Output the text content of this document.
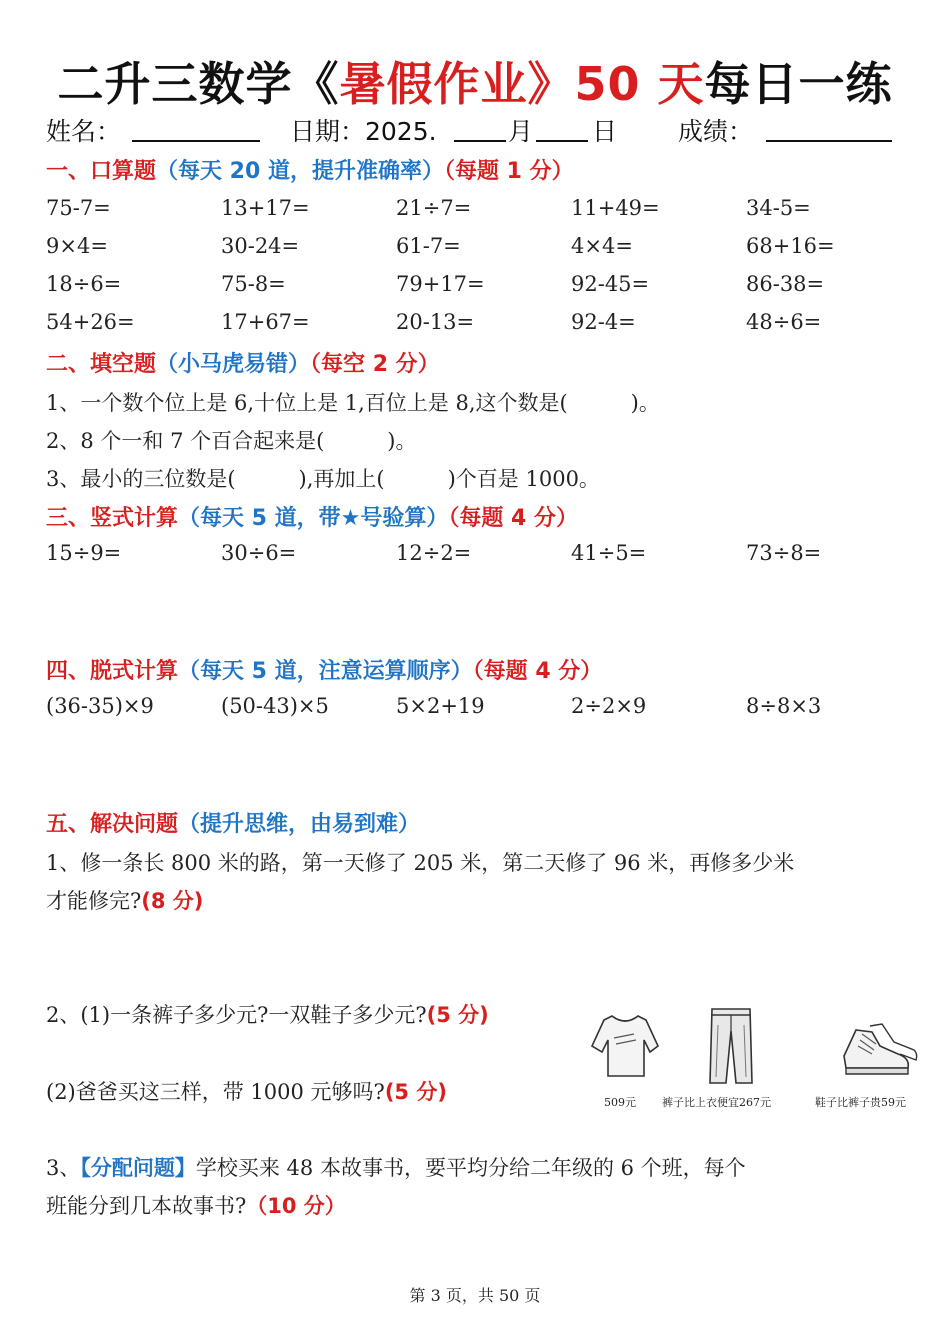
二升三数学《暑假作业》50 天每日一练
姓名：	日期：2025.	月 日 成绩：
一、口算题（每天 20 道，提升准确率）（每题 1 分）
75-7=	13+17=	21÷7=	11+49=	34-5=
9×4=	30-24=	61-7=	4×4=	68+16=
18÷6=	75-8=	79+17=	92-45=	86-38=
54+26=	17+67=	20-13=	92-4=	48÷6=
二、填空题（小马虎易错）（每空 2 分）
1、一个数个位上是 6,十位上是 1,百位上是 8,这个数是(　　　)。
2、8 个一和 7 个百合起来是(　　　)。
3、最小的三位数是(　　　),再加上(　　　)个百是 1000。
三、竖式计算（每天 5 道，带★号验算）（每题 4 分）
15÷9=	30÷6=	12÷2=	41÷5=	73÷8=
四、脱式计算（每天 5 道，注意运算顺序）（每题 4 分）
(36-35)×9	(50-43)×5	5×2+19	2÷2×9	8÷8×3
五、解决问题（提升思维，由易到难）
1、修一条长 800 米的路，第一天修了 205 米，第二天修了 96 米，再修多少米
才能修完?(8 分)
2、(1)一条裤子多少元?一双鞋子多少元?(5 分)
(2)爸爸买这三样，带 1000 元够吗?(5 分)	509元 裤子比上衣便宜267元	鞋子比裤子贵59元
3、【分配问题】学校买来 48 本故事书，要平均分给二年级的 6 个班，每个
班能分到几本故事书?（10 分）
第 3 页，共 50 页
